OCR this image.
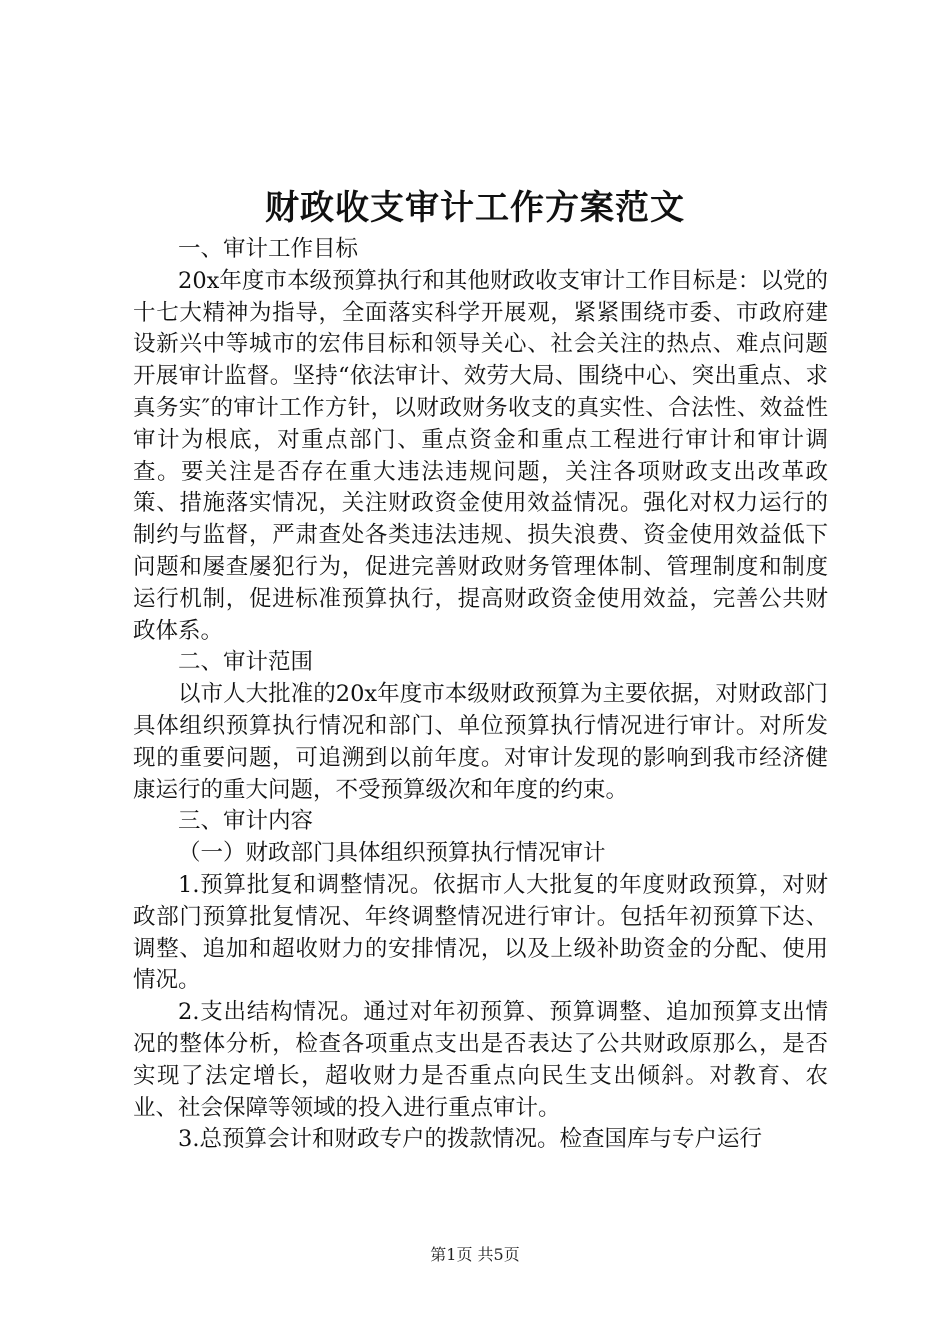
财政收支审计工作方案范文

一、审计工作目标

20x年度市本级预算执行和其他财政收支审计工作目标是：以党的十七大精神为指导，全面落实科学开展观，紧紧围绕市委、市政府建设新兴中等城市的宏伟目标和领导关心、社会关注的热点、难点问题开展审计监督。坚持“依法审计、效劳大局、围绕中心、突出重点、求真务实″的审计工作方针，以财政财务收支的真实性、合法性、效益性审计为根底，对重点部门、重点资金和重点工程进行审计和审计调查。要关注是否存在重大违法违规问题，关注各项财政支出改革政策、措施落实情况，关注财政资金使用效益情况。强化对权力运行的制约与监督，严肃查处各类违法违规、损失浪费、资金使用效益低下问题和屡查屡犯行为，促进完善财政财务管理体制、管理制度和制度运行机制，促进标准预算执行，提高财政资金使用效益，完善公共财政体系。

二、审计范围

以市人大批准的20x年度市本级财政预算为主要依据，对财政部门具体组织预算执行情况和部门、单位预算执行情况进行审计。对所发现的重要问题，可追溯到以前年度。对审计发现的影响到我市经济健康运行的重大问题，不受预算级次和年度的约束。

三、审计内容

（一）财政部门具体组织预算执行情况审计

1.预算批复和调整情况。依据市人大批复的年度财政预算，对财政部门预算批复情况、年终调整情况进行审计。包括年初预算下达、调整、追加和超收财力的安排情况，以及上级补助资金的分配、使用情况。

2.支出结构情况。通过对年初预算、预算调整、追加预算支出情况的整体分析，检查各项重点支出是否表达了公共财政原那么，是否实现了法定增长，超收财力是否重点向民生支出倾斜。对教育、农业、社会保障等领域的投入进行重点审计。

3.总预算会计和财政专户的拨款情况。检查国库与专户运行

第1页 共5页
